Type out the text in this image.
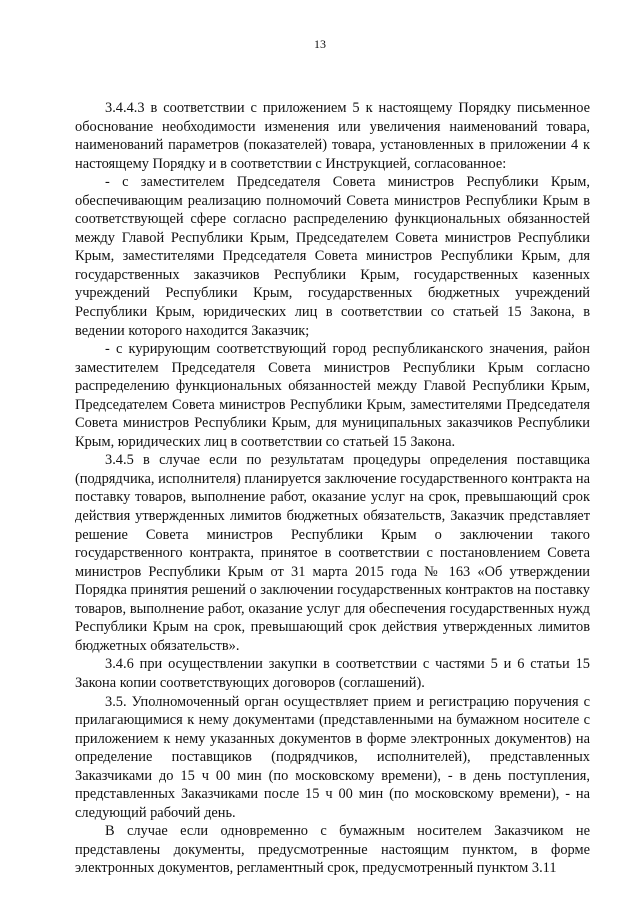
13

3.4.4.3 в соответствии с приложением 5 к настоящему Порядку письменное обоснование необходимости изменения или увеличения наименований товара, наименований параметров (показателей) товара, установленных в приложении 4 к настоящему Порядку и в соответствии с Инструкцией, согласованное:

- с заместителем Председателя Совета министров Республики Крым, обеспечивающим реализацию полномочий Совета министров Республики Крым в соответствующей сфере согласно распределению функциональных обязанностей между Главой Республики Крым, Председателем Совета министров Республики Крым, заместителями Председателя Совета министров Республики Крым, для государственных заказчиков Республики Крым, государственных казенных учреждений Республики Крым, государственных бюджетных учреждений Республики Крым, юридических лиц в соответствии со статьей 15 Закона, в ведении которого находится Заказчик;

- с курирующим соответствующий город республиканского значения, район заместителем Председателя Совета министров Республики Крым согласно распределению функциональных обязанностей между Главой Республики Крым, Председателем Совета министров Республики Крым, заместителями Председателя Совета министров Республики Крым, для муниципальных заказчиков Республики Крым, юридических лиц в соответствии со статьей 15 Закона.

3.4.5 в случае если по результатам процедуры определения поставщика (подрядчика, исполнителя) планируется заключение государственного контракта на поставку товаров, выполнение работ, оказание услуг на срок, превышающий срок действия утвержденных лимитов бюджетных обязательств, Заказчик представляет решение Совета министров Республики Крым о заключении такого государственного контракта, принятое в соответствии с постановлением Совета министров Республики Крым от 31 марта 2015 года № 163 «Об утверждении Порядка принятия решений о заключении государственных контрактов на поставку товаров, выполнение работ, оказание услуг для обеспечения государственных нужд Республики Крым на срок, превышающий срок действия утвержденных лимитов бюджетных обязательств».

3.4.6 при осуществлении закупки в соответствии с частями 5 и 6 статьи 15 Закона копии соответствующих договоров (соглашений).

3.5. Уполномоченный орган осуществляет прием и регистрацию поручения с прилагающимися к нему документами (представленными на бумажном носителе с приложением к нему указанных документов в форме электронных документов) на определение поставщиков (подрядчиков, исполнителей), представленных Заказчиками до 15 ч 00 мин (по московскому времени), - в день поступления, представленных Заказчиками после 15 ч 00 мин (по московскому времени), - на следующий рабочий день.

В случае если одновременно с бумажным носителем Заказчиком не представлены документы, предусмотренные настоящим пунктом, в форме электронных документов, регламентный срок, предусмотренный пунктом 3.11
